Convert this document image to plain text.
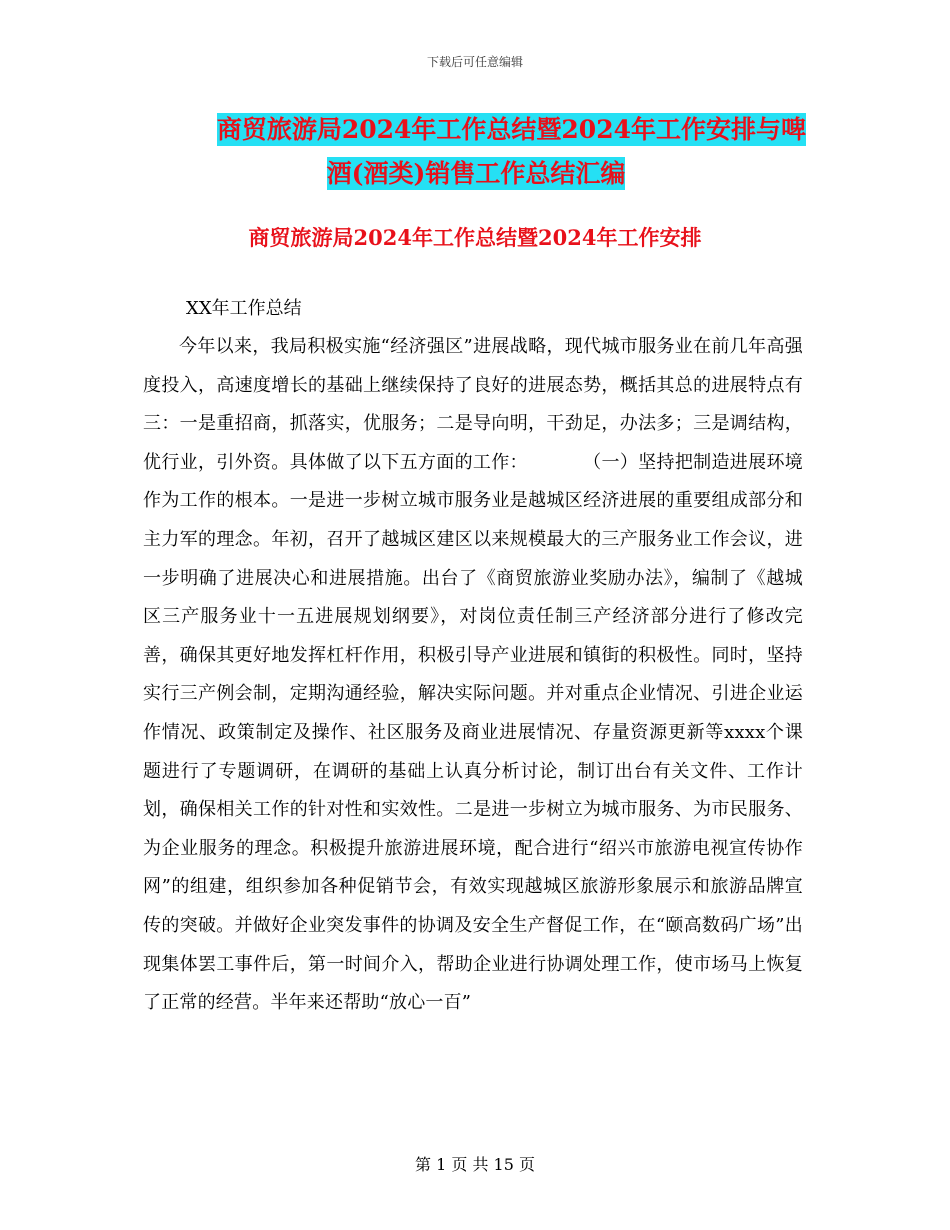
下载后可任意编辑
商贸旅游局2024年工作总结暨2024年工作安排与啤
酒(酒类)销售工作总结汇编
商贸旅游局2024年工作总结暨2024年工作安排

XX年工作总结

今年以来，我局积极实施“经济强区”进展战略，现代城市服务业在前几年高强度投入，高速度增长的基础上继续保持了良好的进展态势，概括其总的进展特点有三：一是重招商，抓落实，优服务；二是导向明，干劲足，办法多；三是调结构，优行业，引外资。具体做了以下五方面的工作：　　　　（一）坚持把制造进展环境作为工作的根本。一是进一步树立城市服务业是越城区经济进展的重要组成部分和主力军的理念。年初，召开了越城区建区以来规模最大的三产服务业工作会议，进一步明确了进展决心和进展措施。出台了《商贸旅游业奖励办法》，编制了《越城区三产服务业十一五进展规划纲要》，对岗位责任制三产经济部分进行了修改完善，确保其更好地发挥杠杆作用，积极引导产业进展和镇街的积极性。同时，坚持实行三产例会制，定期沟通经验，解决实际问题。并对重点企业情况、引进企业运作情况、政策制定及操作、社区服务及商业进展情况、存量资源更新等xxxx个课题进行了专题调研，在调研的基础上认真分析讨论，制订出台有关文件、工作计划，确保相关工作的针对性和实效性。二是进一步树立为城市服务、为市民服务、为企业服务的理念。积极提升旅游进展环境，配合进行“绍兴市旅游电视宣传协作网”的组建，组织参加各种促销节会，有效实现越城区旅游形象展示和旅游品牌宣传的突破。并做好企业突发事件的协调及安全生产督促工作，在“颐高数码广场”出现集体罢工事件后，第一时间介入，帮助企业进行协调处理工作，使市场马上恢复了正常的经营。半年来还帮助“放心一百”

第 1 页 共 15 页
